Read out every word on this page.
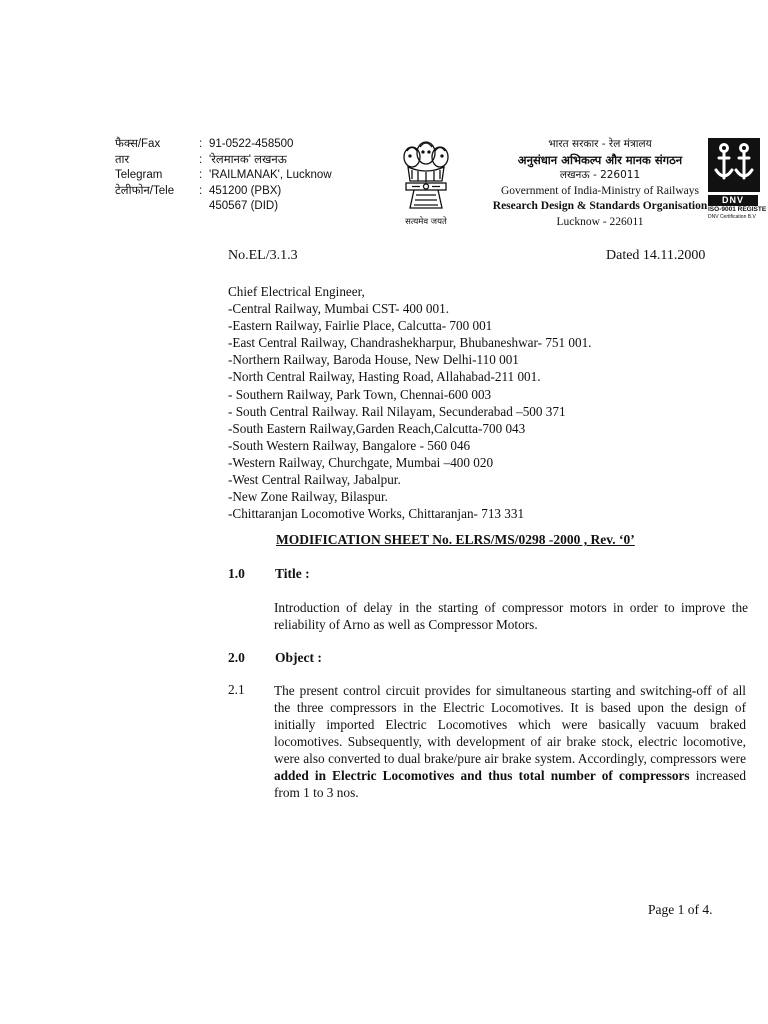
फैक्स/Fax	: 91-0522-458500
तार	: 'रेलमानक' लखनऊ
Telegram	: 'RAILMANAK', Lucknow
टेलीफोन/Tele	: 451200 (PBX)
450567 (DID)
सत्यमेव जयते
भारत सरकार - रेल मंत्रालय
अनुसंधान अभिकल्प और मानक संगठन
लखनऊ - 226011
Government of India-Ministry of Railways
Research Design & Standards Organisation
Lucknow - 226011
DNV
ISO-9001 REGISTE
DNV Certification B.V
No.EL/3.1.3	Dated 14.11.2000
Chief Electrical Engineer,
-Central Railway, Mumbai CST- 400 001.
-Eastern Railway, Fairlie Place, Calcutta- 700 001
-East Central Railway, Chandrashekharpur, Bhubaneshwar- 751 001.
-Northern Railway, Baroda House, New Delhi-110 001
-North Central Railway, Hasting Road, Allahabad-211 001.
- Southern Railway, Park Town, Chennai-600 003
- South Central Railway. Rail Nilayam, Secunderabad –500 371
-South Eastern Railway,Garden Reach,Calcutta-700 043
-South Western Railway, Bangalore - 560 046
-Western Railway, Churchgate, Mumbai –400 020
-West Central Railway, Jabalpur.
-New Zone Railway, Bilaspur.
-Chittaranjan Locomotive Works, Chittaranjan- 713 331
MODIFICATION SHEET No. ELRS/MS/0298 -2000 , Rev. ‘0’
1.0 Title :
Introduction of delay in the starting of compressor motors in order to improve the reliability of Arno as well as Compressor Motors.
2.0 Object :
2.1 The present control circuit provides for simultaneous starting and switching-off of all the three compressors in the Electric Locomotives. It is based upon the design of initially imported Electric Locomotives which were basically vacuum braked locomotives. Subsequently, with development of air brake stock, electric locomotive, were also converted to dual brake/pure air brake system. Accordingly, compressors were added in Electric Locomotives and thus total number of compressors increased from 1 to 3 nos.
Page 1 of 4.
